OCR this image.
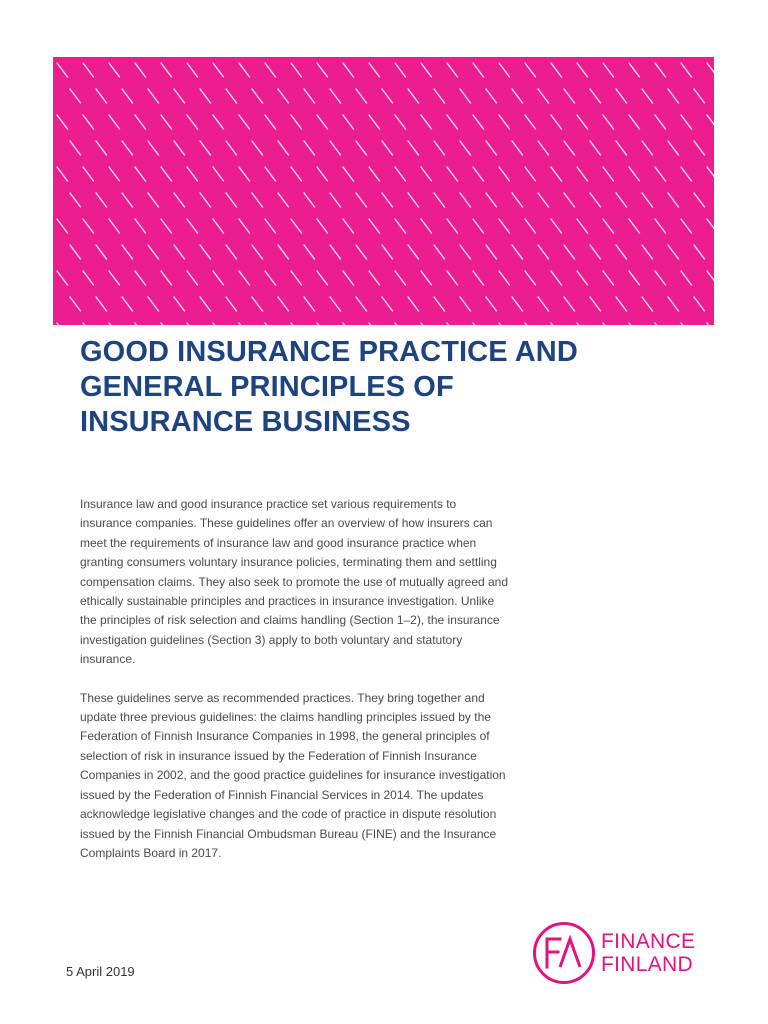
GOOD INSURANCE PRACTICE AND
GENERAL PRINCIPLES OF
INSURANCE BUSINESS

Insurance law and good insurance practice set various requirements to insurance companies. These guidelines offer an overview of how insurers can meet the requirements of insurance law and good insurance practice when granting consumers voluntary insurance policies, terminating them and settling compensation claims. They also seek to promote the use of mutually agreed and ethically sustainable principles and practices in insurance investigation. Unlike the principles of risk selection and claims handling (Section 1–2), the insurance investigation guidelines (Section 3) apply to both voluntary and statutory insurance.

These guidelines serve as recommended practices. They bring together and update three previous guidelines: the claims handling principles issued by the Federation of Finnish Insurance Companies in 1998, the general principles of selection of risk in insurance issued by the Federation of Finnish Insurance Companies in 2002, and the good practice guidelines for insurance investigation issued by the Federation of Finnish Financial Services in 2014. The updates acknowledge legislative changes and the code of practice in dispute resolution issued by the Finnish Financial Ombudsman Bureau (FINE) and the Insurance Complaints Board in 2017.

5 April 2019
FINANCE
FINLAND
